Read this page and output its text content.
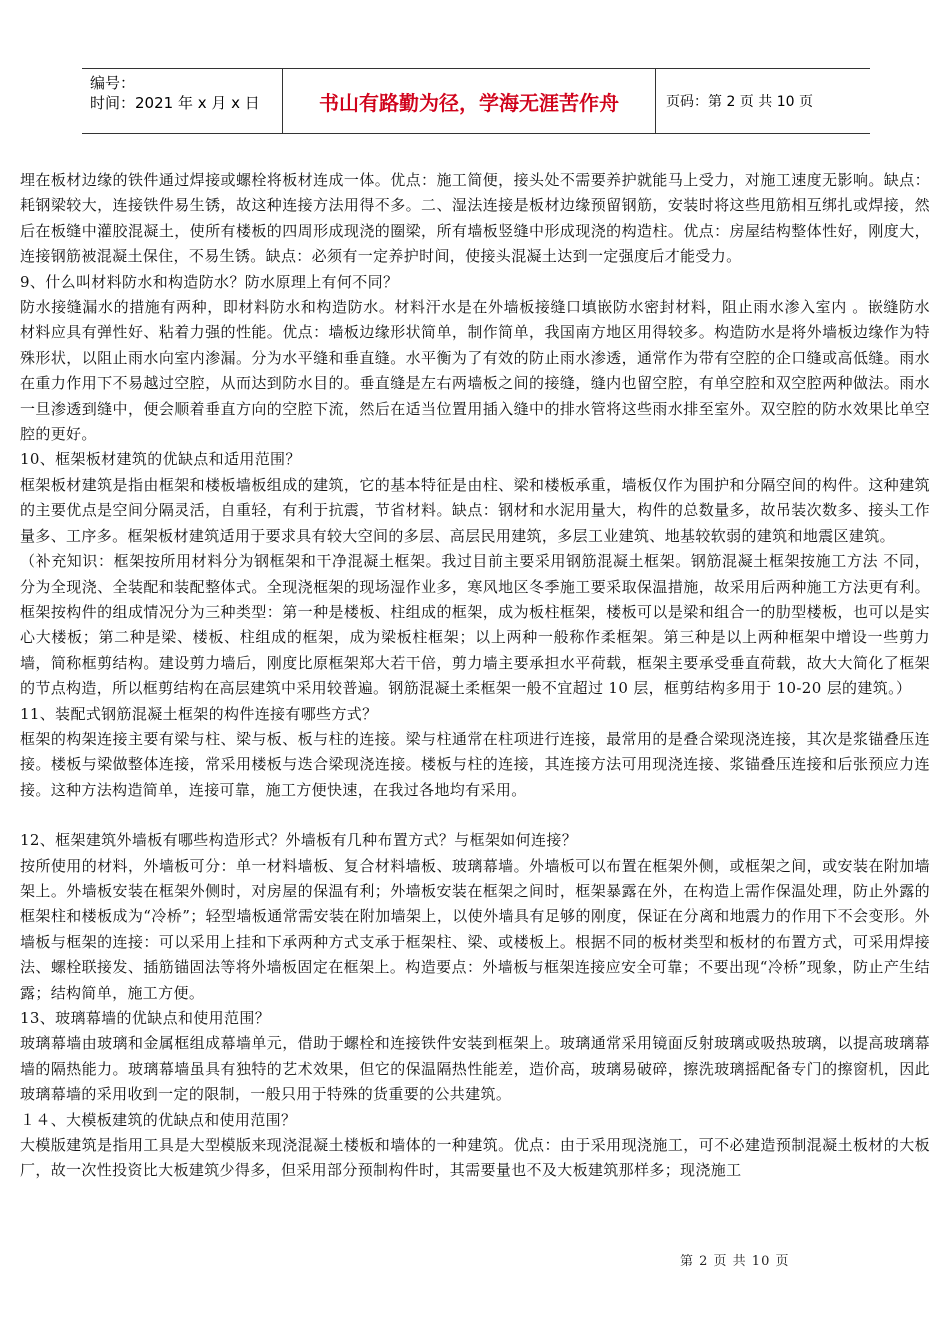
编号：
时间：2021 年 x 月 x 日	书山有路勤为径，学海无涯苦作舟	页码：第 2 页 共 10 页

埋在板材边缘的铁件通过焊接或螺栓将板材连成一体。优点：施工简便，接头处不需要养护就能马上受力，对施工速度无影响。缺点：耗钢梁较大，连接铁件易生锈，故这种连接方法用得不多。二、湿法连接是板材边缘预留钢筋，安装时将这些甩筋相互绑扎或焊接，然后在板缝中灌胶混凝土，使所有楼板的四周形成现浇的圈梁，所有墙板竖缝中形成现浇的构造柱。优点：房屋结构整体性好，刚度大，连接钢筋被混凝土保住，不易生锈。缺点：必须有一定养护时间，使接头混凝土达到一定强度后才能受力。

9、什么叫材料防水和构造防水？防水原理上有何不同？

防水接缝漏水的措施有两种，即材料防水和构造防水。材料汗水是在外墙板接缝口填嵌防水密封材料，阻止雨水渗入室内 。嵌缝防水材料应具有弹性好、粘着力强的性能。优点：墙板边缘形状简单，制作简单，我国南方地区用得较多。构造防水是将外墙板边缘作为特殊形状，以阻止雨水向室内渗漏。分为水平缝和垂直缝。水平衡为了有效的防止雨水渗透，通常作为带有空腔的企口缝或高低缝。雨水在重力作用下不易越过空腔，从而达到防水目的。垂直缝是左右两墙板之间的接缝，缝内也留空腔，有单空腔和双空腔两种做法。雨水一旦渗透到缝中，便会顺着垂直方向的空腔下流，然后在适当位置用插入缝中的排水管将这些雨水排至室外。双空腔的防水效果比单空腔的更好。

10、框架板材建筑的优缺点和适用范围？

框架板材建筑是指由框架和楼板墙板组成的建筑，它的基本特征是由柱、梁和楼板承重，墙板仅作为围护和分隔空间的构件。这种建筑的主要优点是空间分隔灵活，自重轻，有利于抗震，节省材料。缺点：钢材和水泥用量大，构件的总数量多，故吊装次数多、接头工作量多、工序多。框架板材建筑适用于要求具有较大空间的多层、高层民用建筑，多层工业建筑、地基较软弱的建筑和地震区建筑。

（补充知识：框架按所用材料分为钢框架和干净混凝土框架。我过目前主要采用钢筋混凝土框架。钢筋混凝土框架按施工方法 不同，分为全现浇、全装配和装配整体式。全现浇框架的现场湿作业多，寒风地区冬季施工要采取保温措施，故采用后两种施工方法更有利。框架按构件的组成情况分为三种类型：第一种是楼板、柱组成的框架，成为板柱框架，楼板可以是梁和组合一的肋型楼板，也可以是实心大楼板；第二种是梁、楼板、柱组成的框架，成为梁板柱框架；以上两种一般称作柔框架。第三种是以上两种框架中增设一些剪力墙，简称框剪结构。建设剪力墙后，刚度比原框架郑大若干倍，剪力墙主要承担水平荷载，框架主要承受垂直荷载，故大大简化了框架的节点构造，所以框剪结构在高层建筑中采用较普遍。钢筋混凝土柔框架一般不宜超过 10 层，框剪结构多用于 10-20 层的建筑。）

11、装配式钢筋混凝土框架的构件连接有哪些方式？

框架的构架连接主要有梁与柱、梁与板、板与柱的连接。梁与柱通常在柱项进行连接，最常用的是叠合梁现浇连接，其次是浆锚叠压连接。楼板与梁做整体连接，常采用楼板与迭合梁现浇连接。楼板与柱的连接，其连接方法可用现浇连接、浆锚叠压连接和后张预应力连接。这种方法构造简单，连接可靠，施工方便快速，在我过各地均有采用。

12、框架建筑外墙板有哪些构造形式？外墙板有几种布置方式？与框架如何连接？

按所使用的材料，外墙板可分：单一材料墙板、复合材料墙板、玻璃幕墙。外墙板可以布置在框架外侧，或框架之间，或安装在附加墙架上。外墙板安装在框架外侧时，对房屋的保温有利；外墙板安装在框架之间时，框架暴露在外，在构造上需作保温处理，防止外露的框架柱和楼板成为“冷桥”；轻型墙板通常需安装在附加墙架上，以使外墙具有足够的刚度，保证在分离和地震力的作用下不会变形。外墙板与框架的连接：可以采用上挂和下承两种方式支承于框架柱、梁、或楼板上。根据不同的板材类型和板材的布置方式，可采用焊接法、螺栓联接发、插筋锚固法等将外墙板固定在框架上。构造要点：外墙板与框架连接应安全可靠；不要出现“冷桥”现象，防止产生结露；结构简单，施工方便。

13、玻璃幕墙的优缺点和使用范围？

玻璃幕墙由玻璃和金属框组成幕墙单元，借助于螺栓和连接铁件安装到框架上。玻璃通常采用镜面反射玻璃或吸热玻璃，以提高玻璃幕墙的隔热能力。玻璃幕墙虽具有独特的艺术效果，但它的保温隔热性能差，造价高，玻璃易破碎，擦洗玻璃摇配备专门的擦窗机，因此玻璃幕墙的采用收到一定的限制，一般只用于特殊的货重要的公共建筑。

１４、大模板建筑的优缺点和使用范围？

大模版建筑是指用工具是大型模版来现浇混凝土楼板和墙体的一种建筑。优点：由于采用现浇施工，可不必建造预制混凝土板材的大板厂，故一次性投资比大板建筑少得多，但采用部分预制构件时，其需要量也不及大板建筑那样多；现浇施工

第 2 页 共 10 页
